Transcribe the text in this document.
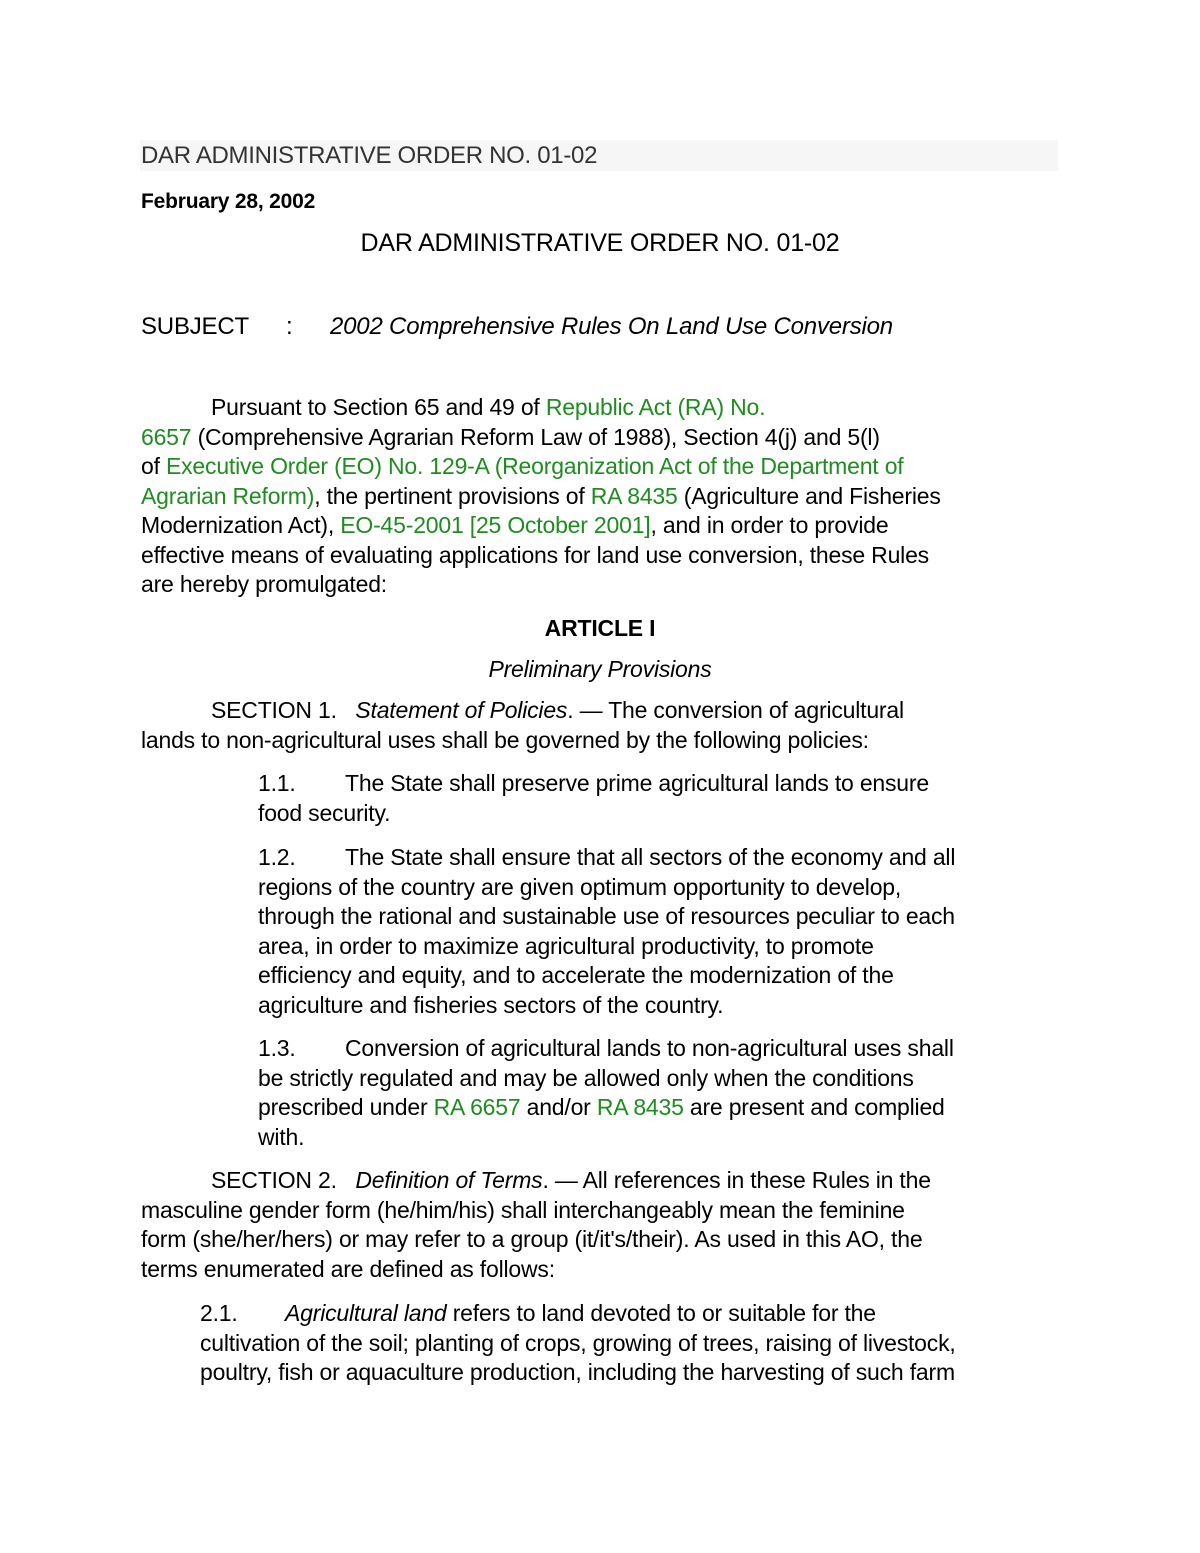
DAR ADMINISTRATIVE ORDER NO. 01-02
February 28, 2002
DAR ADMINISTRATIVE ORDER NO. 01-02
SUBJECT	:	2002 Comprehensive Rules On Land Use Conversion
Pursuant to Section 65 and 49 of Republic Act (RA) No.
6657 (Comprehensive Agrarian Reform Law of 1988), Section 4(j) and 5(l)
of Executive Order (EO) No. 129-A (Reorganization Act of the Department of
Agrarian Reform), the pertinent provisions of RA 8435 (Agriculture and Fisheries
Modernization Act), EO-45-2001 [25 October 2001], and in order to provide
effective means of evaluating applications for land use conversion, these Rules
are hereby promulgated:
ARTICLE I
Preliminary Provisions
SECTION 1.   Statement of Policies. — The conversion of agricultural
lands to non-agricultural uses shall be governed by the following policies:
1.1. The State shall preserve prime agricultural lands to ensure
food security.
1.2. The State shall ensure that all sectors of the economy and all
regions of the country are given optimum opportunity to develop,
through the rational and sustainable use of resources peculiar to each
area, in order to maximize agricultural productivity, to promote
efficiency and equity, and to accelerate the modernization of the
agriculture and fisheries sectors of the country.
1.3. Conversion of agricultural lands to non-agricultural uses shall
be strictly regulated and may be allowed only when the conditions
prescribed under RA 6657 and/or RA 8435 are present and complied
with.
SECTION 2.   Definition of Terms. — All references in these Rules in the
masculine gender form (he/him/his) shall interchangeably mean the feminine
form (she/her/hers) or may refer to a group (it/it's/their). As used in this AO, the
terms enumerated are defined as follows:
2.1. Agricultural land refers to land devoted to or suitable for the
cultivation of the soil; planting of crops, growing of trees, raising of livestock,
poultry, fish or aquaculture production, including the harvesting of such farm
